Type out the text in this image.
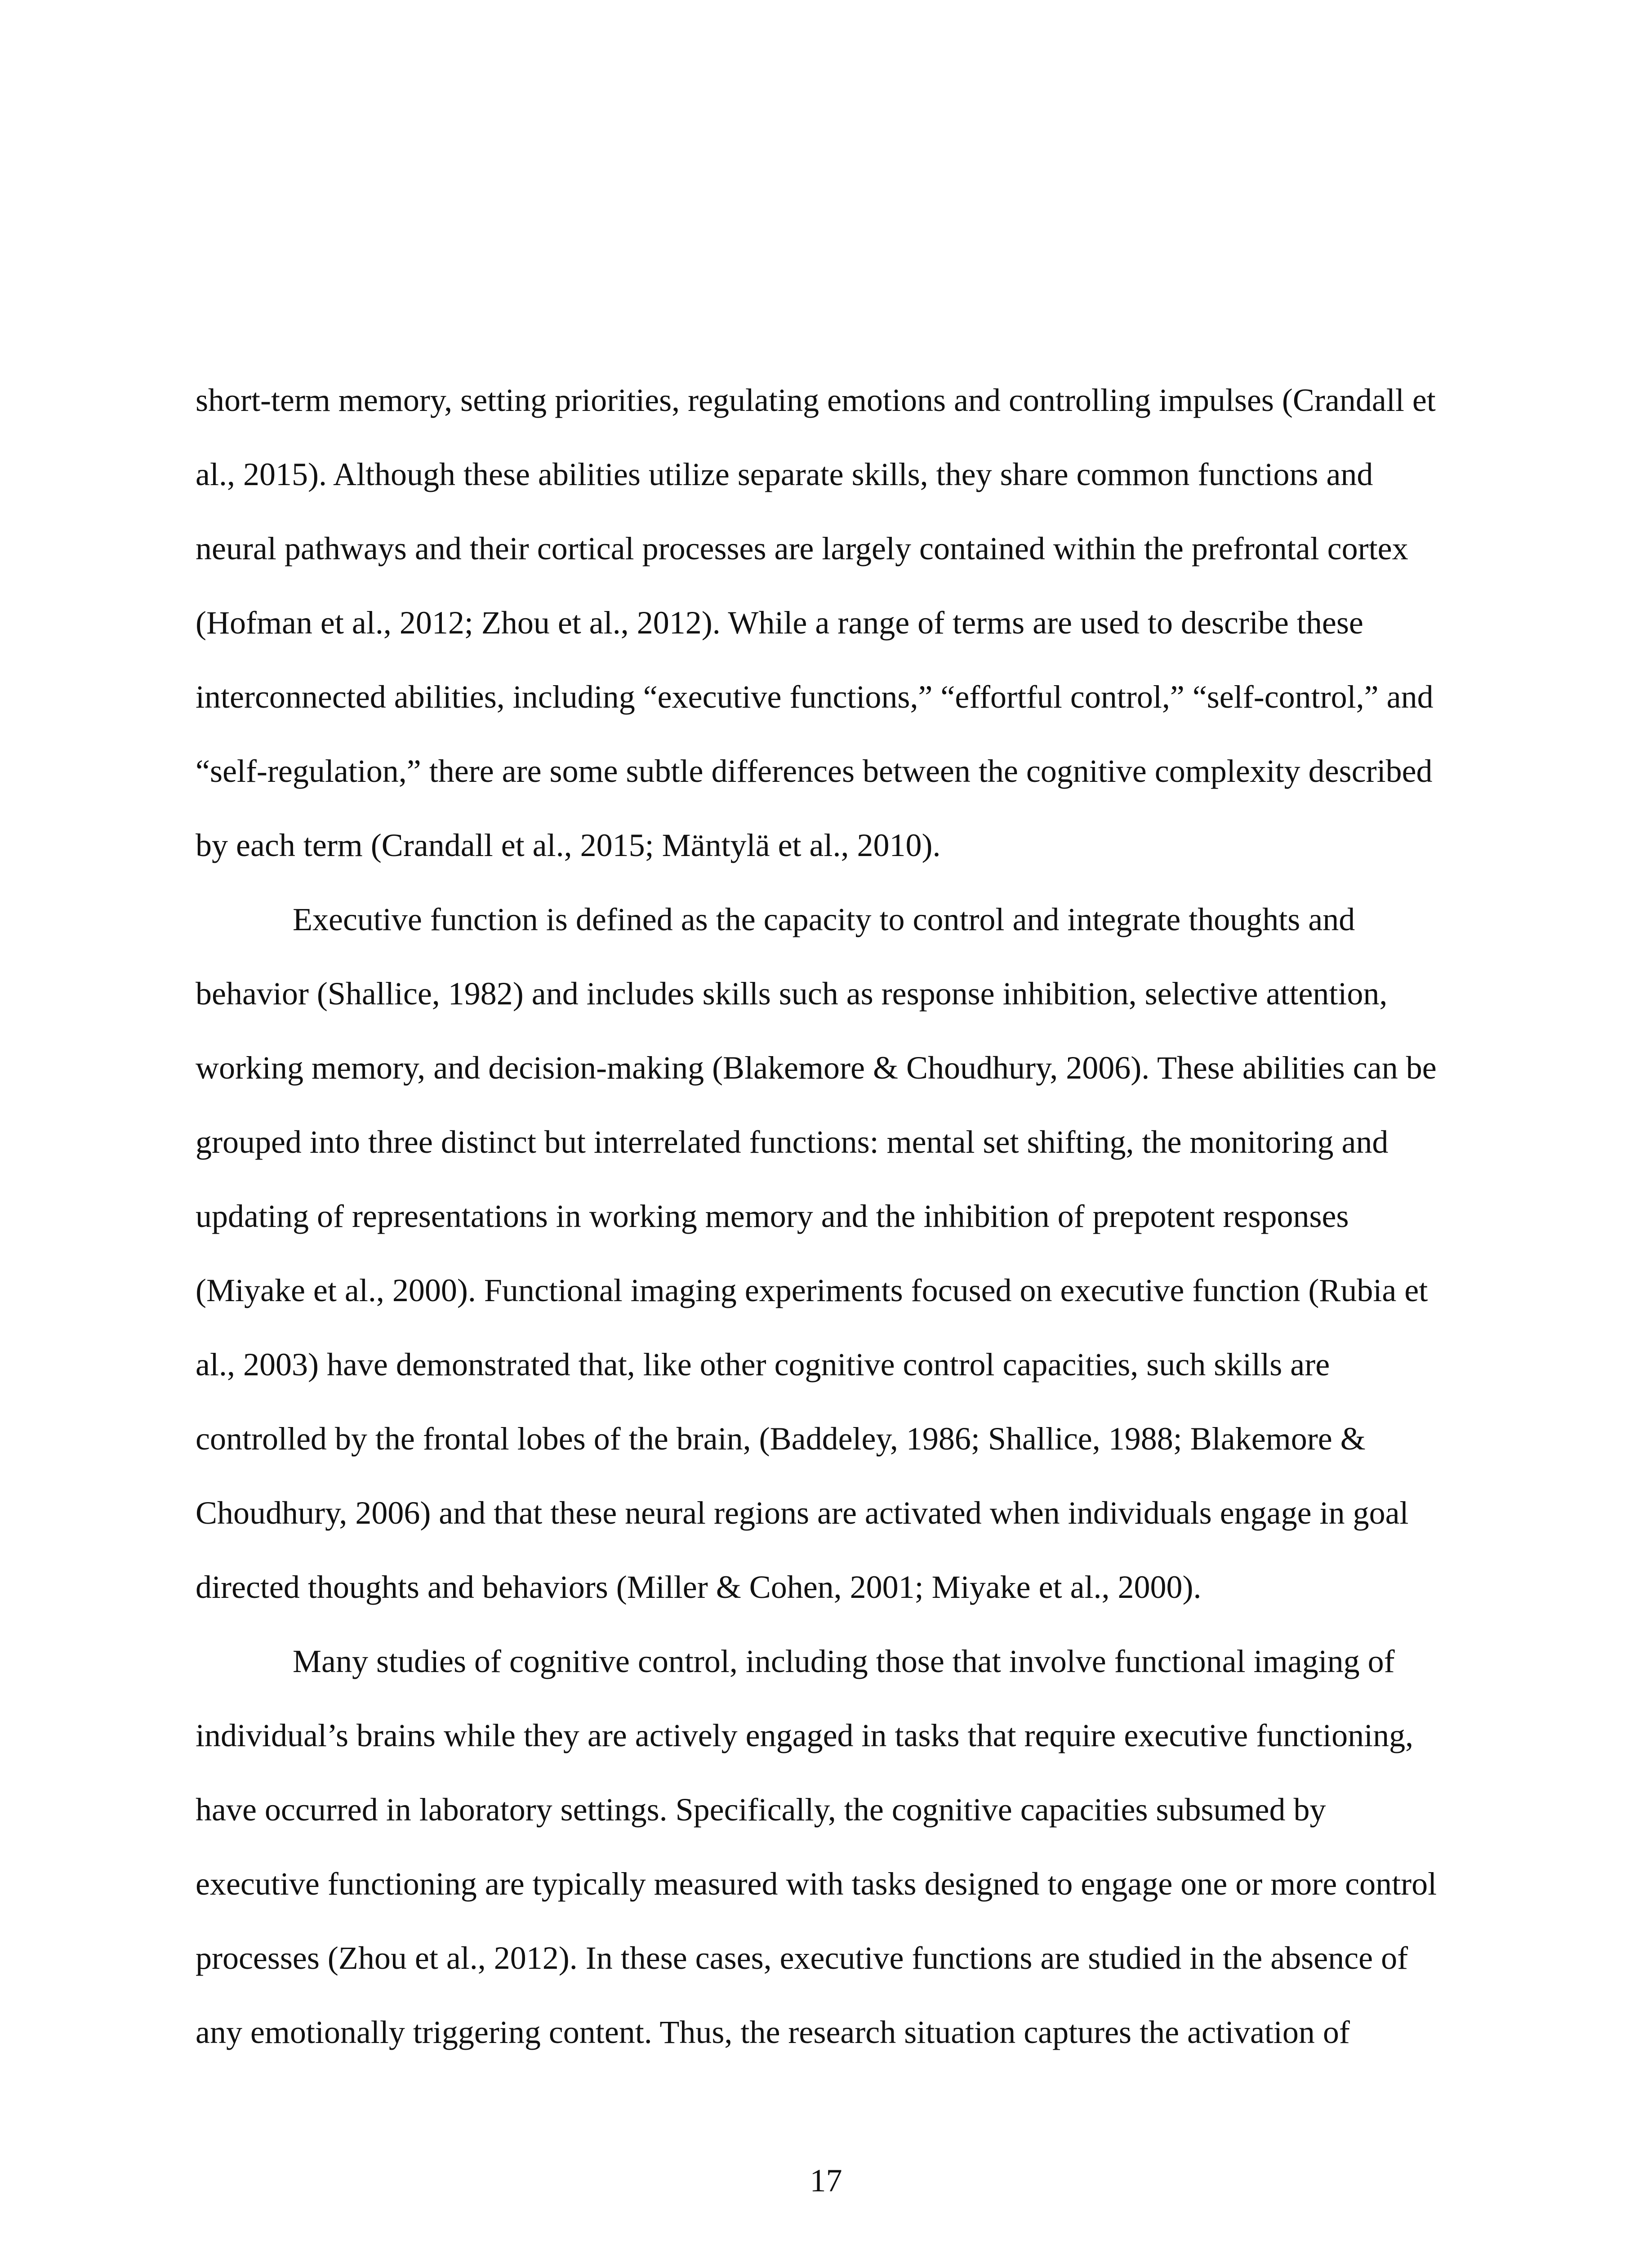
short-term memory, setting priorities, regulating emotions and controlling impulses (Crandall et
al., 2015). Although these abilities utilize separate skills, they share common functions and
neural pathways and their cortical processes are largely contained within the prefrontal cortex
(Hofman et al., 2012; Zhou et al., 2012). While a range of terms are used to describe these
interconnected abilities, including “executive functions,” “effortful control,” “self-control,” and
“self-regulation,” there are some subtle differences between the cognitive complexity described
by each term (Crandall et al., 2015; Mäntylä et al., 2010).
Executive function is defined as the capacity to control and integrate thoughts and
behavior (Shallice, 1982) and includes skills such as response inhibition, selective attention,
working memory, and decision-making (Blakemore & Choudhury, 2006). These abilities can be
grouped into three distinct but interrelated functions: mental set shifting, the monitoring and
updating of representations in working memory and the inhibition of prepotent responses
(Miyake et al., 2000). Functional imaging experiments focused on executive function (Rubia et
al., 2003) have demonstrated that, like other cognitive control capacities, such skills are
controlled by the frontal lobes of the brain, (Baddeley, 1986; Shallice, 1988; Blakemore &
Choudhury, 2006) and that these neural regions are activated when individuals engage in goal
directed thoughts and behaviors (Miller & Cohen, 2001; Miyake et al., 2000).
Many studies of cognitive control, including those that involve functional imaging of
individual’s brains while they are actively engaged in tasks that require executive functioning,
have occurred in laboratory settings. Specifically, the cognitive capacities subsumed by
executive functioning are typically measured with tasks designed to engage one or more control
processes (Zhou et al., 2012). In these cases, executive functions are studied in the absence of
any emotionally triggering content. Thus, the research situation captures the activation of
17
